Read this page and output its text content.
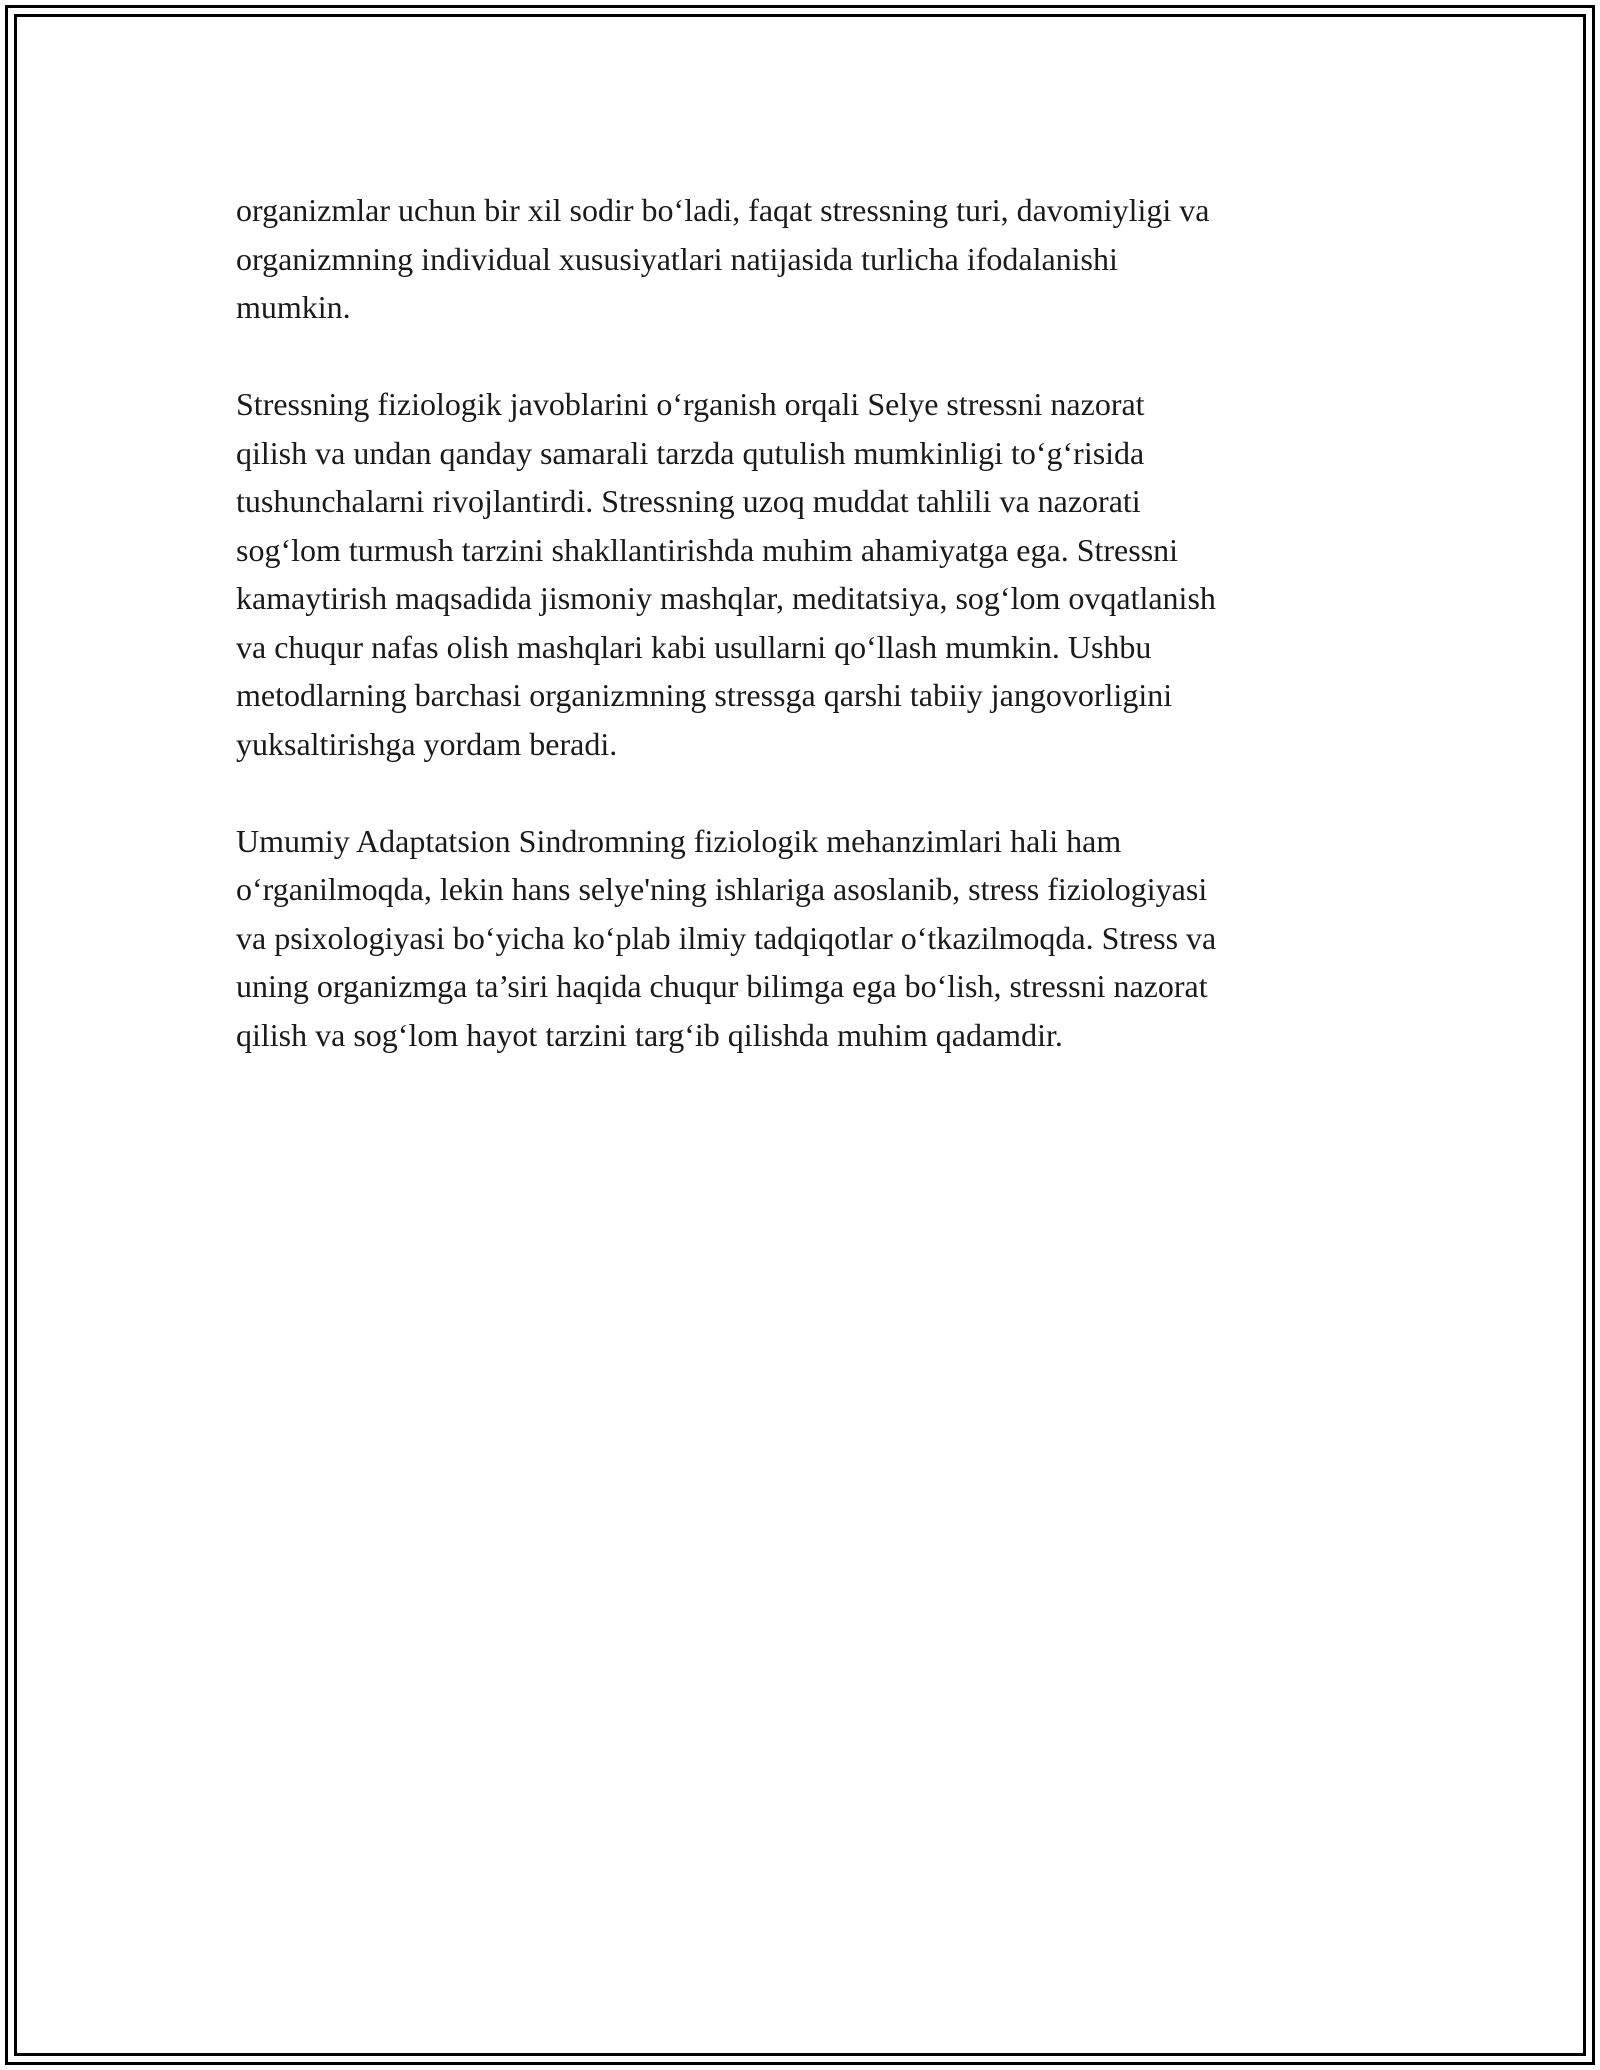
organizmlar uchun bir xil sodir bo‘ladi, faqat stressning turi, davomiyligi va
organizmning individual xususiyatlari natijasida turlicha ifodalanishi
mumkin.

Stressning fiziologik javoblarini o‘rganish orqali Selye stressni nazorat
qilish va undan qanday samarali tarzda qutulish mumkinligi to‘g‘risida
tushunchalarni rivojlantirdi. Stressning uzoq muddat tahlili va nazorati
sog‘lom turmush tarzini shakllantirishda muhim ahamiyatga ega. Stressni
kamaytirish maqsadida jismoniy mashqlar, meditatsiya, sog‘lom ovqatlanish
va chuqur nafas olish mashqlari kabi usullarni qo‘llash mumkin. Ushbu
metodlarning barchasi organizmning stressga qarshi tabiiy jangovorligini
yuksaltirishga yordam beradi.

Umumiy Adaptatsion Sindromning fiziologik mehanzimlari hali ham
o‘rganilmoqda, lekin hans selye'ning ishlariga asoslanib, stress fiziologiyasi
va psixologiyasi bo‘yicha ko‘plab ilmiy tadqiqotlar o‘tkazilmoqda. Stress va
uning organizmga ta’siri haqida chuqur bilimga ega bo‘lish, stressni nazorat
qilish va sog‘lom hayot tarzini targ‘ib qilishda muhim qadamdir.
